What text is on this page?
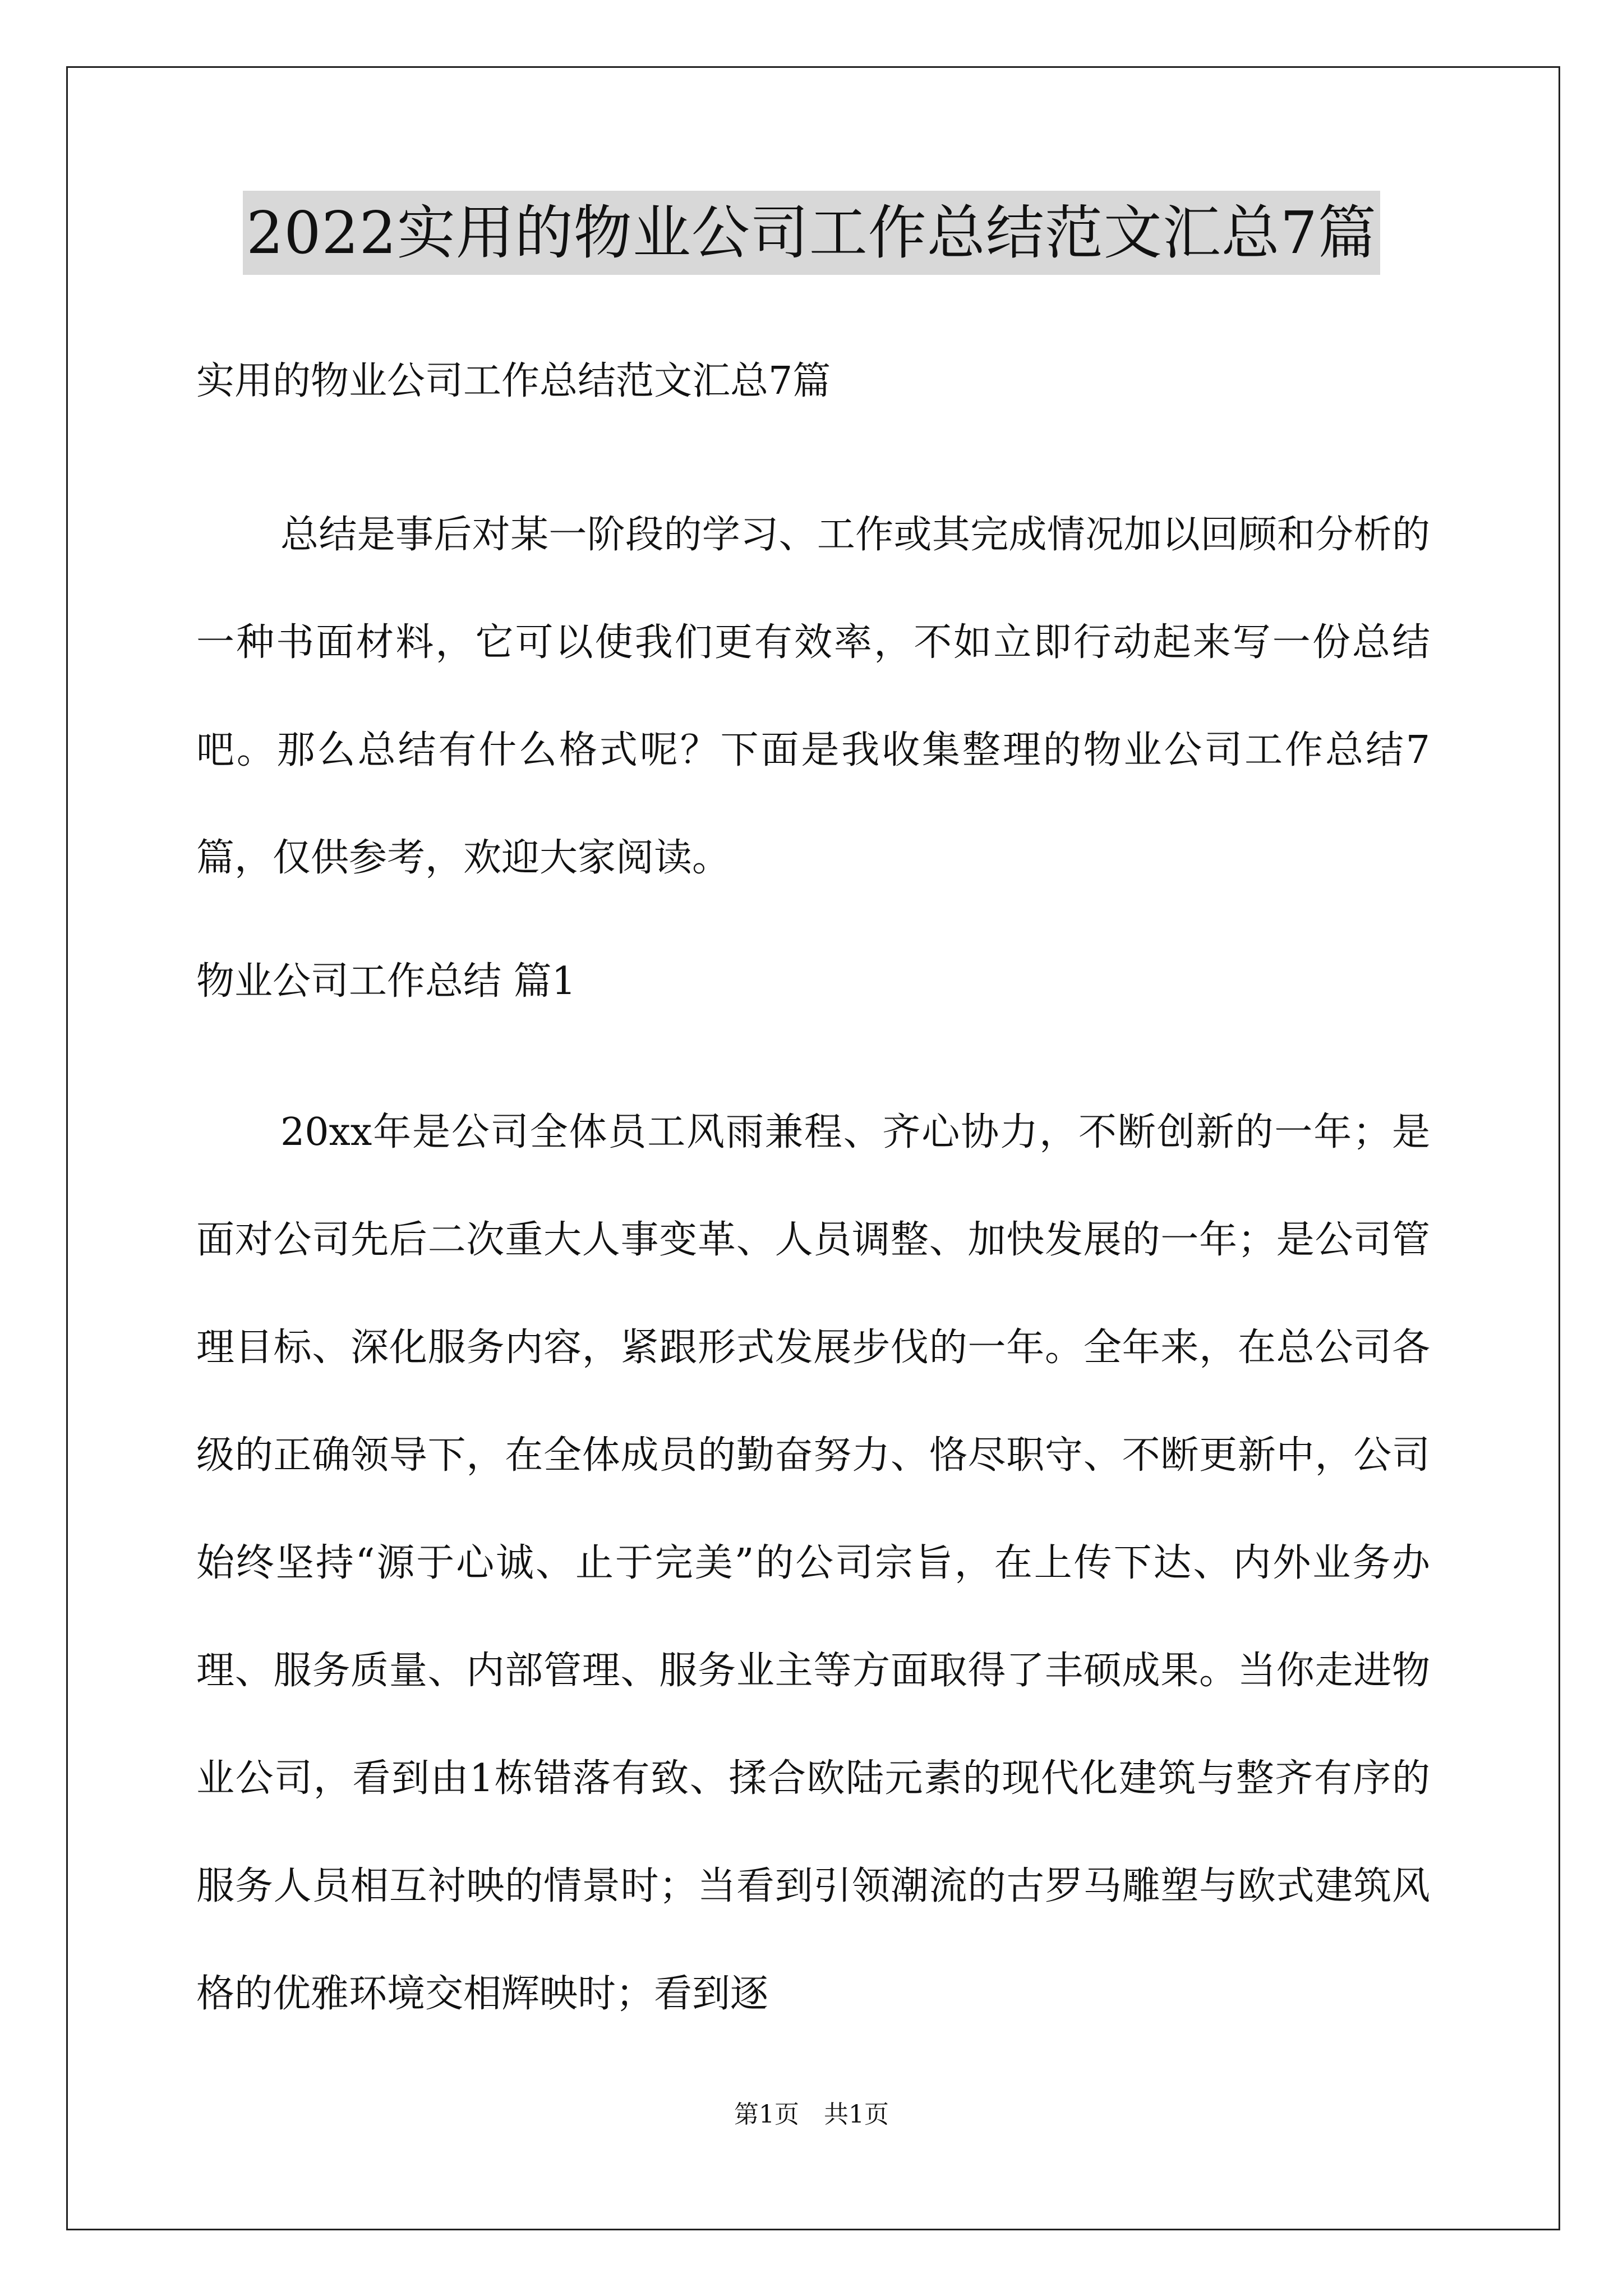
2022实用的物业公司工作总结范文汇总7篇
实用的物业公司工作总结范文汇总7篇

总结是事后对某一阶段的学习、工作或其完成情况加以回顾和分析的一种书面材料，它可以使我们更有效率，不如立即行动起来写一份总结吧。那么总结有什么格式呢？下面是我收集整理的物业公司工作总结7篇，仅供参考，欢迎大家阅读。

物业公司工作总结 篇1

20xx年是公司全体员工风雨兼程、齐心协力，不断创新的一年；是面对公司先后二次重大人事变革、人员调整、加快发展的一年；是公司管理目标、深化服务内容，紧跟形式发展步伐的一年。全年来，在总公司各级的正确领导下，在全体成员的勤奋努力、恪尽职守、不断更新中，公司始终坚持“源于心诚、止于完美”的公司宗旨，在上传下达、内外业务办理、服务质量、内部管理、服务业主等方面取得了丰硕成果。当你走进物业公司，看到由1栋错落有致、揉合欧陆元素的现代化建筑与整齐有序的服务人员相互衬映的情景时；当看到引领潮流的古罗马雕塑与欧式建筑风格的优雅环境交相辉映时；看到逐

第1页　共1页
